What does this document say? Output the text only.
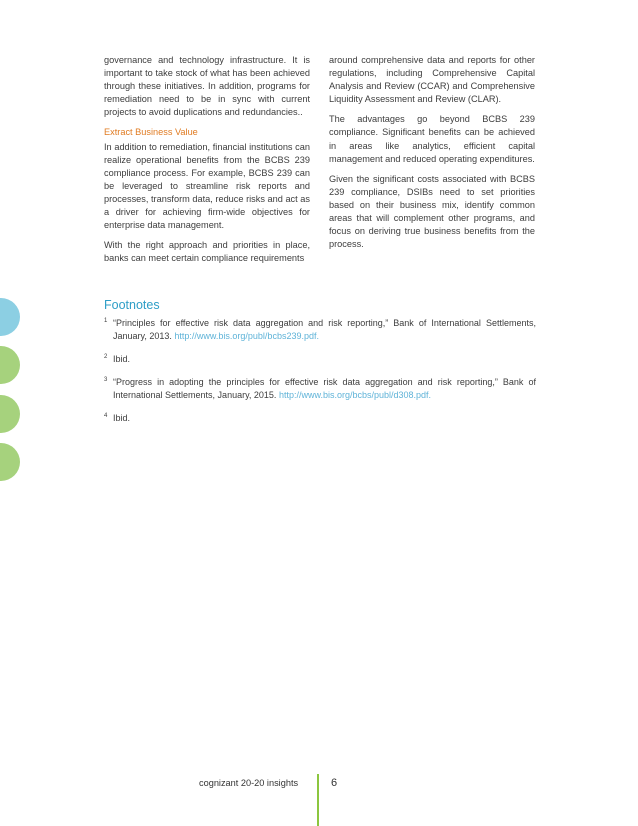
governance and technology infrastructure. It is important to take stock of what has been achieved through these initiatives. In addition, programs for remediation need to be in sync with current projects to avoid duplications and redundancies..

Extract Business Value

In addition to remediation, financial institutions can realize operational benefits from the BCBS 239 compliance process. For example, BCBS 239 can be leveraged to streamline risk reports and processes, transform data, reduce risks and act as a driver for achieving firm-wide objectives for enterprise data management.

With the right approach and priorities in place, banks can meet certain compliance requirements

around comprehensive data and reports for other regulations, including Comprehensive Capital Analysis and Review (CCAR) and Comprehensive Liquidity Assessment and Review (CLAR).

The advantages go beyond BCBS 239 compliance. Significant benefits can be achieved in areas like analytics, efficient capital management and reduced operating expenditures.

Given the significant costs associated with BCBS 239 compliance, DSIBs need to set priorities based on their business mix, identify common areas that will complement other programs, and focus on deriving true business benefits from the process.

Footnotes
1 “Principles for effective risk data aggregation and risk reporting,” Bank of International Settlements, January, 2013. http://www.bis.org/publ/bcbs239.pdf.
2 Ibid.
3 “Progress in adopting the principles for effective risk data aggregation and risk reporting,” Bank of International Settlements, January, 2015. http://www.bis.org/bcbs/publ/d308.pdf.
4 Ibid.
cognizant 20-20 insights	6
